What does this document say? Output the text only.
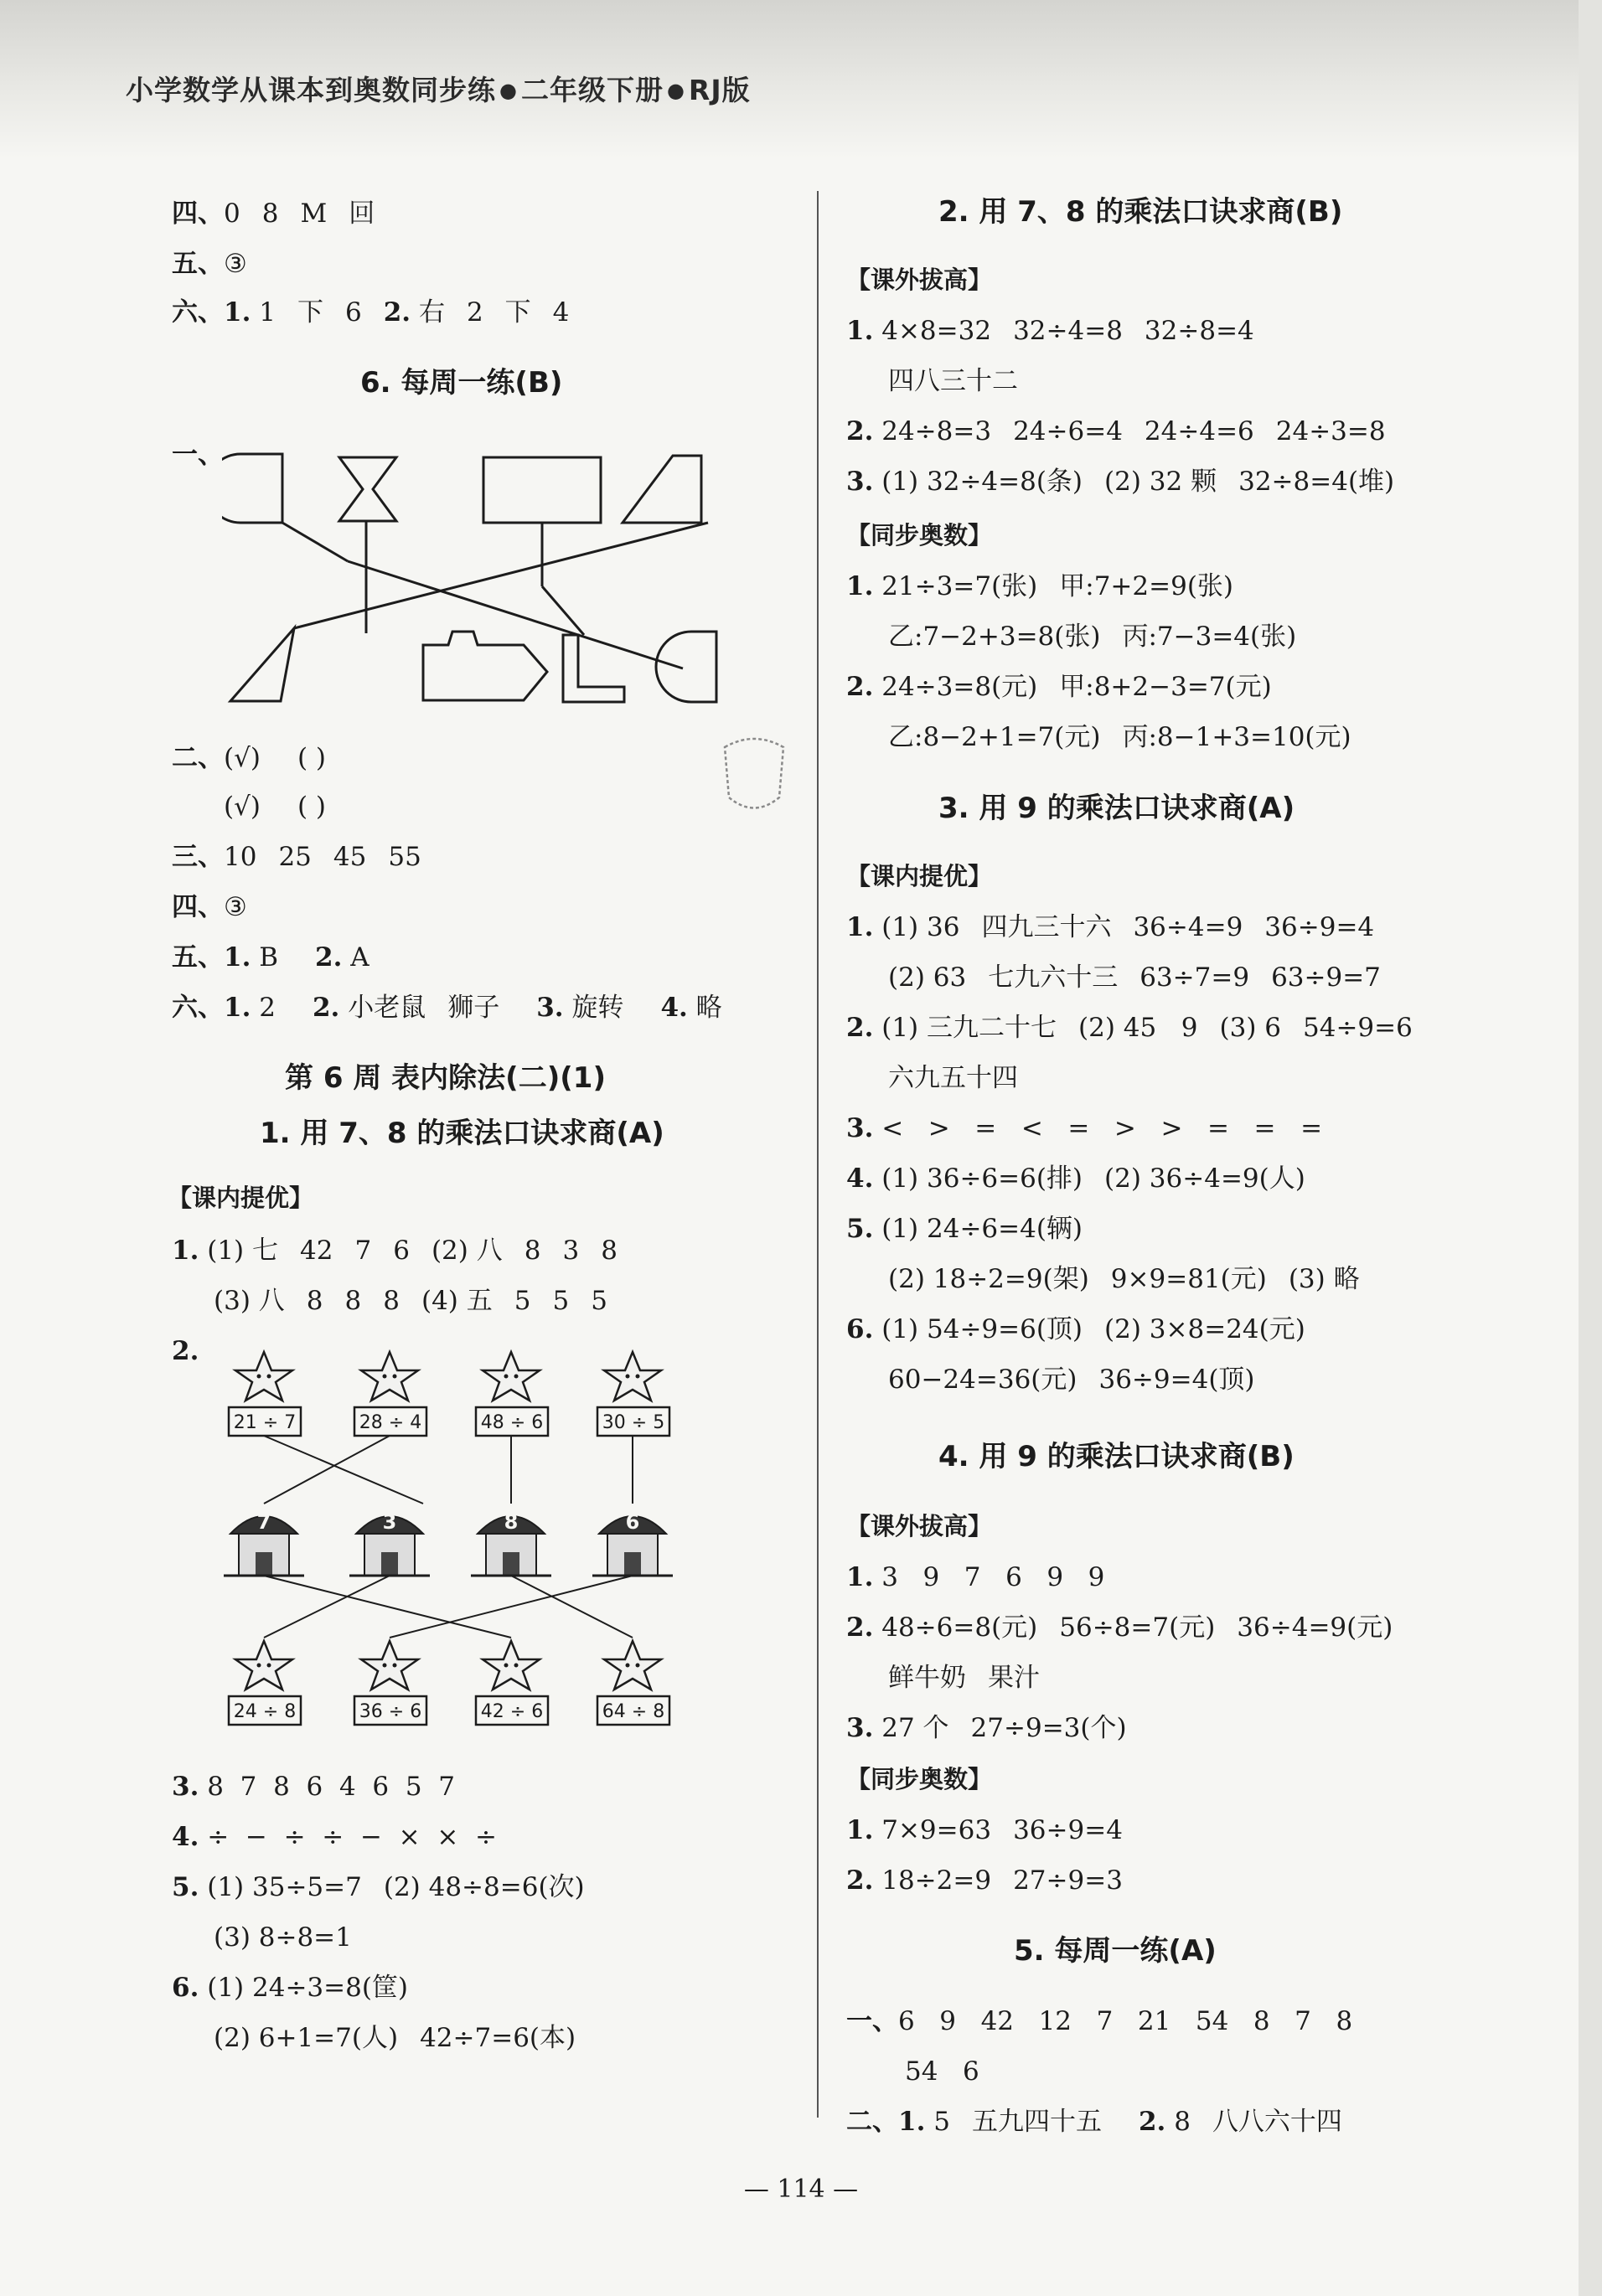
小学数学从课本到奥数同步练 ● 二年级下册 ● RJ版
四、0 8 M 回
五、③
六、1. 1 下 6 2. 右 2 下 4
6. 每周一练(B)
一、
二、(√) ( )
(√) ( )
三、10 25 45 55
四、③
五、1. B 2. A
六、1. 2 2. 小老鼠 狮子 3. 旋转 4. 略
第 6 周 表内除法(二)(1)
1. 用 7、8 的乘法口诀求商(A)
【课内提优】
1. (1) 七 42 7 6 (2) 八 8 3 8
(3) 八 8 8 8 (4) 五 5 5 5
2.
21 ÷ 7	28 ÷ 4	48 ÷ 6	30 ÷ 5
7	3	8	6
24 ÷ 8	36 ÷ 6	42 ÷ 6	64 ÷ 8
3. 8  7  8  6  4  6  5  7
4. ÷  −  ÷  ÷  −  ×  ×  ÷
5. (1) 35÷5=7 (2) 48÷8=6(次)
(3) 8÷8=1
6. (1) 24÷3=8(筐)
(2) 6+1=7(人) 42÷7=6(本)
2. 用 7、8 的乘法口诀求商(B)
【课外拔高】
1. 4×8=32 32÷4=8 32÷8=4
四八三十二
2. 24÷8=3 24÷6=4 24÷4=6 24÷3=8
3. (1) 32÷4=8(条) (2) 32 颗 32÷8=4(堆)
【同步奥数】
1. 21÷3=7(张) 甲:7+2=9(张)
乙:7−2+3=8(张) 丙:7−3=4(张)
2. 24÷3=8(元) 甲:8+2−3=7(元)
乙:8−2+1=7(元) 丙:8−1+3=10(元)
3. 用 9 的乘法口诀求商(A)
【课内提优】
1. (1) 36 四九三十六 36÷4=9 36÷9=4
(2) 63 七九六十三 63÷7=9 63÷9=7
2. (1) 三九二十七 (2) 45   9 (3) 6 54÷9=6
六九五十四
3. <   >   =   <   =   >   >   =   =   =
4. (1) 36÷6=6(排) (2) 36÷4=9(人)
5. (1) 24÷6=4(辆)
(2) 18÷2=9(架) 9×9=81(元) (3) 略
6. (1) 54÷9=6(顶) (2) 3×8=24(元)
60−24=36(元) 36÷9=4(顶)
4. 用 9 的乘法口诀求商(B)
【课外拔高】
1. 3   9   7   6   9   9
2. 48÷6=8(元) 56÷8=7(元) 36÷4=9(元)
鲜牛奶 果汁
3. 27 个 27÷9=3(个)
【同步奥数】
1. 7×9=63 36÷9=4
2. 18÷2=9 27÷9=3
5. 每周一练(A)
一、6   9   42   12   7   21   54   8   7   8
54   6
二、1. 5 五九四十五 2. 8 八八六十四
— 114 —
